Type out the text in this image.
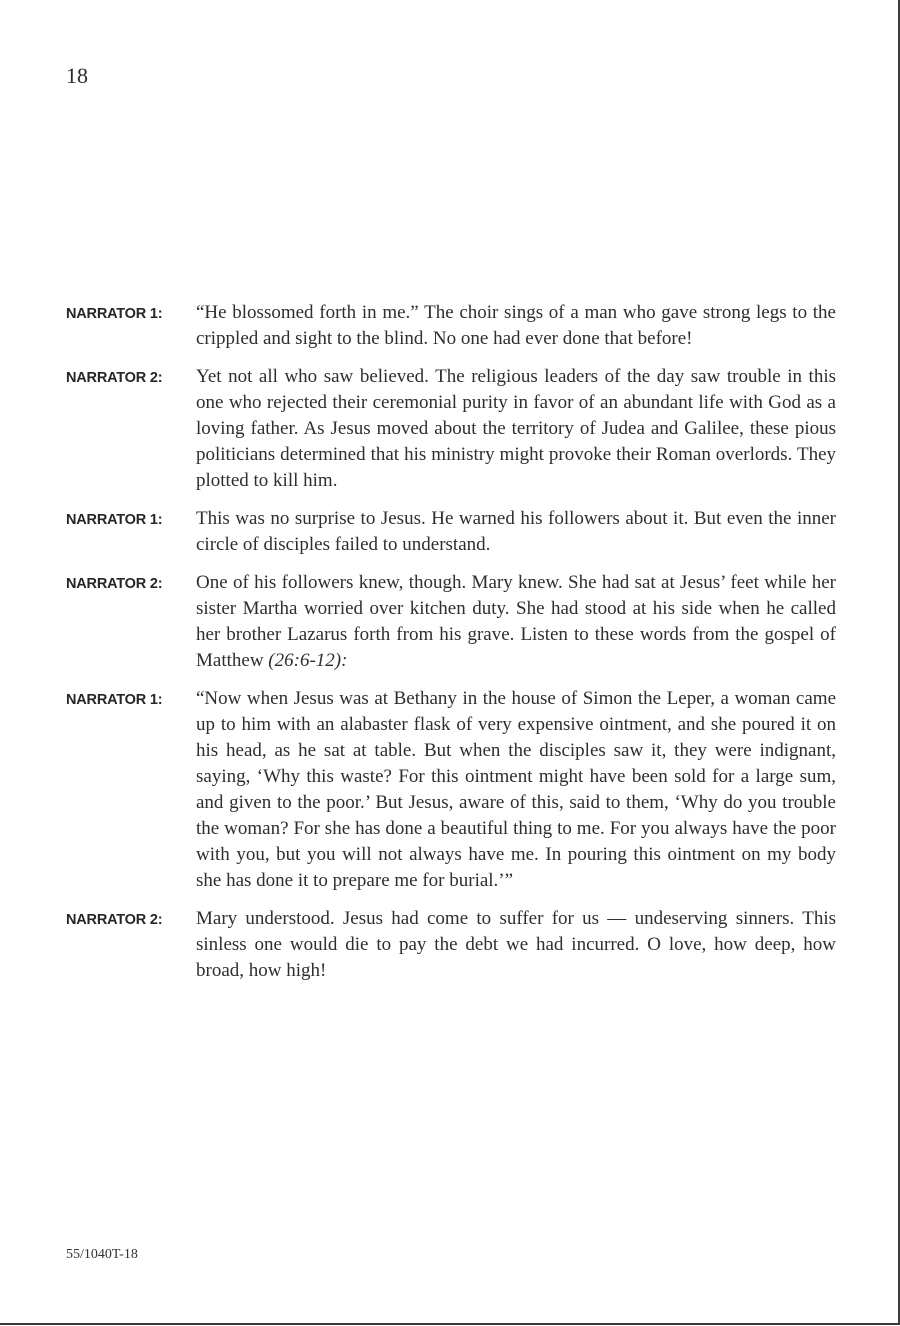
18
NARRATOR 1:	“He blossomed forth in me.” The choir sings of a man who gave strong legs to the crippled and sight to the blind. No one had ever done that before!
NARRATOR 2:	Yet not all who saw believed. The religious leaders of the day saw trouble in this one who rejected their ceremonial purity in favor of an abundant life with God as a loving father. As Jesus moved about the territory of Judea and Galilee, these pious politicians determined that his ministry might provoke their Roman overlords. They plotted to kill him.
NARRATOR 1:	This was no surprise to Jesus. He warned his followers about it. But even the inner circle of disciples failed to understand.
NARRATOR 2:	One of his followers knew, though. Mary knew. She had sat at Jesus’ feet while her sister Martha worried over kitchen duty. She had stood at his side when he called her brother Lazarus forth from his grave. Listen to these words from the gospel of Matthew (26:6-12):
NARRATOR 1:	“Now when Jesus was at Bethany in the house of Simon the Leper, a woman came up to him with an alabaster flask of very expensive ointment, and she poured it on his head, as he sat at table. But when the disciples saw it, they were indignant, saying, ‘Why this waste? For this ointment might have been sold for a large sum, and given to the poor.’ But Jesus, aware of this, said to them, ‘Why do you trouble the woman? For she has done a beautiful thing to me. For you always have the poor with you, but you will not always have me. In pouring this ointment on my body she has done it to prepare me for burial.’”
NARRATOR 2:	Mary understood. Jesus had come to suffer for us — undeserving sinners. This sinless one would die to pay the debt we had incurred. O love, how deep, how broad, how high!
55/1040T-18
